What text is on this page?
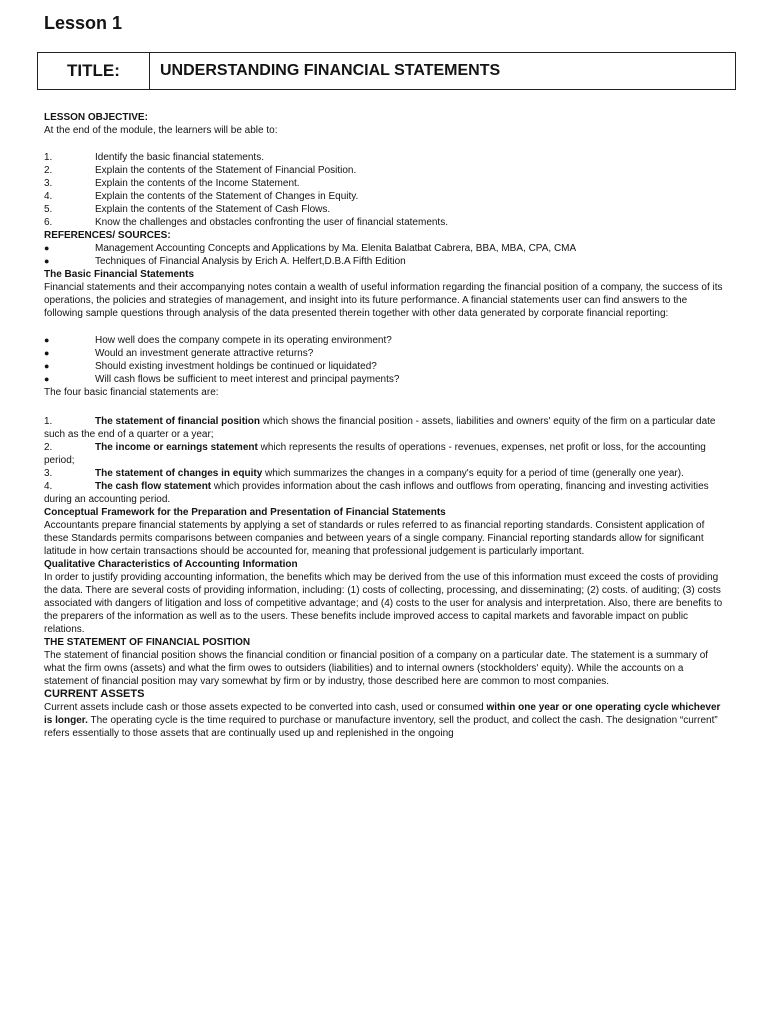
Lesson 1
TITLE:	UNDERSTANDING FINANCIAL STATEMENTS

LESSON OBJECTIVE:

At the end of the module, the learners will be able to:

1.	Identify the basic financial statements.
2.	Explain the contents of the Statement of Financial Position.
3.	Explain the contents of the Income Statement.
4.	Explain the contents of the Statement of Changes in Equity.
5.	Explain the contents of the Statement of Cash Flows.
6.	Know the challenges and obstacles confronting the user of financial statements.

REFERENCES/ SOURCES:

●	Management Accounting Concepts and Applications by Ma. Elenita Balatbat Cabrera, BBA, MBA, CPA, CMA
●	Techniques of Financial Analysis by Erich A. Helfert,D.B.A Fifth Edition

The Basic Financial Statements

Financial statements and their accompanying notes contain a wealth of useful information regarding the financial position of a company, the success of its operations, the policies and strategies of management, and insight into its future performance. A financial statements user can find answers to the following sample questions through analysis of the data presented therein together with other data generated by corporate financial reporting:

●	How well does the company compete in its operating environment?
●	Would an investment generate attractive returns?
●	Should existing investment holdings be continued or liquidated?
●	Will cash flows be sufficient to meet interest and principal payments?

The four basic financial statements are:

1.	The statement of financial position which shows the financial position - assets, liabilities and owners' equity of the firm on a particular date such as the end of a quarter or a year;

2.	The income or earnings statement which represents the results of operations - revenues, expenses, net profit or loss, for the accounting period;

3.	The statement of changes in equity which summarizes the changes in a company's equity for a period of time (generally one year).

4.	The cash flow statement which provides information about the cash inflows and outflows from operating, financing and investing activities during an accounting period.

Conceptual Framework for the Preparation and Presentation of Financial Statements

Accountants prepare financial statements by applying a set of standards or rules referred to as financial reporting standards. Consistent application of these Standards permits comparisons between companies and between years of a single company. Financial reporting standards allow for significant latitude in how certain transactions should be accounted for, meaning that professional judgement is particularly important.

Qualitative Characteristics of Accounting Information

In order to justify providing accounting information, the benefits which may be derived from the use of this information must exceed the costs of providing the data. There are several costs of providing information, including: (1) costs of collecting, processing, and disseminating; (2) costs. of auditing; (3) costs associated with dangers of litigation and loss of competitive advantage; and (4) costs to the user for analysis and interpretation. Also, there are benefits to the preparers of the information as well as to the users. These benefits include improved access to capital markets and favorable impact on public relations.

THE STATEMENT OF FINANCIAL POSITION

The statement of financial position shows the financial condition or financial position of a company on a particular date. The statement is a summary of what the firm owns (assets) and what the firm owes to outsiders (liabilities) and to internal owners (stockholders' equity). While the accounts on a statement of financial position may vary somewhat by firm or by industry, those described here are common to most companies.

CURRENT ASSETS

Current assets include cash or those assets expected to be converted into cash, used or consumed within one year or one operating cycle whichever is longer. The operating cycle is the time required to purchase or manufacture inventory, sell the product, and collect the cash. The designation “current” refers essentially to those assets that are continually used up and replenished in the ongoing
